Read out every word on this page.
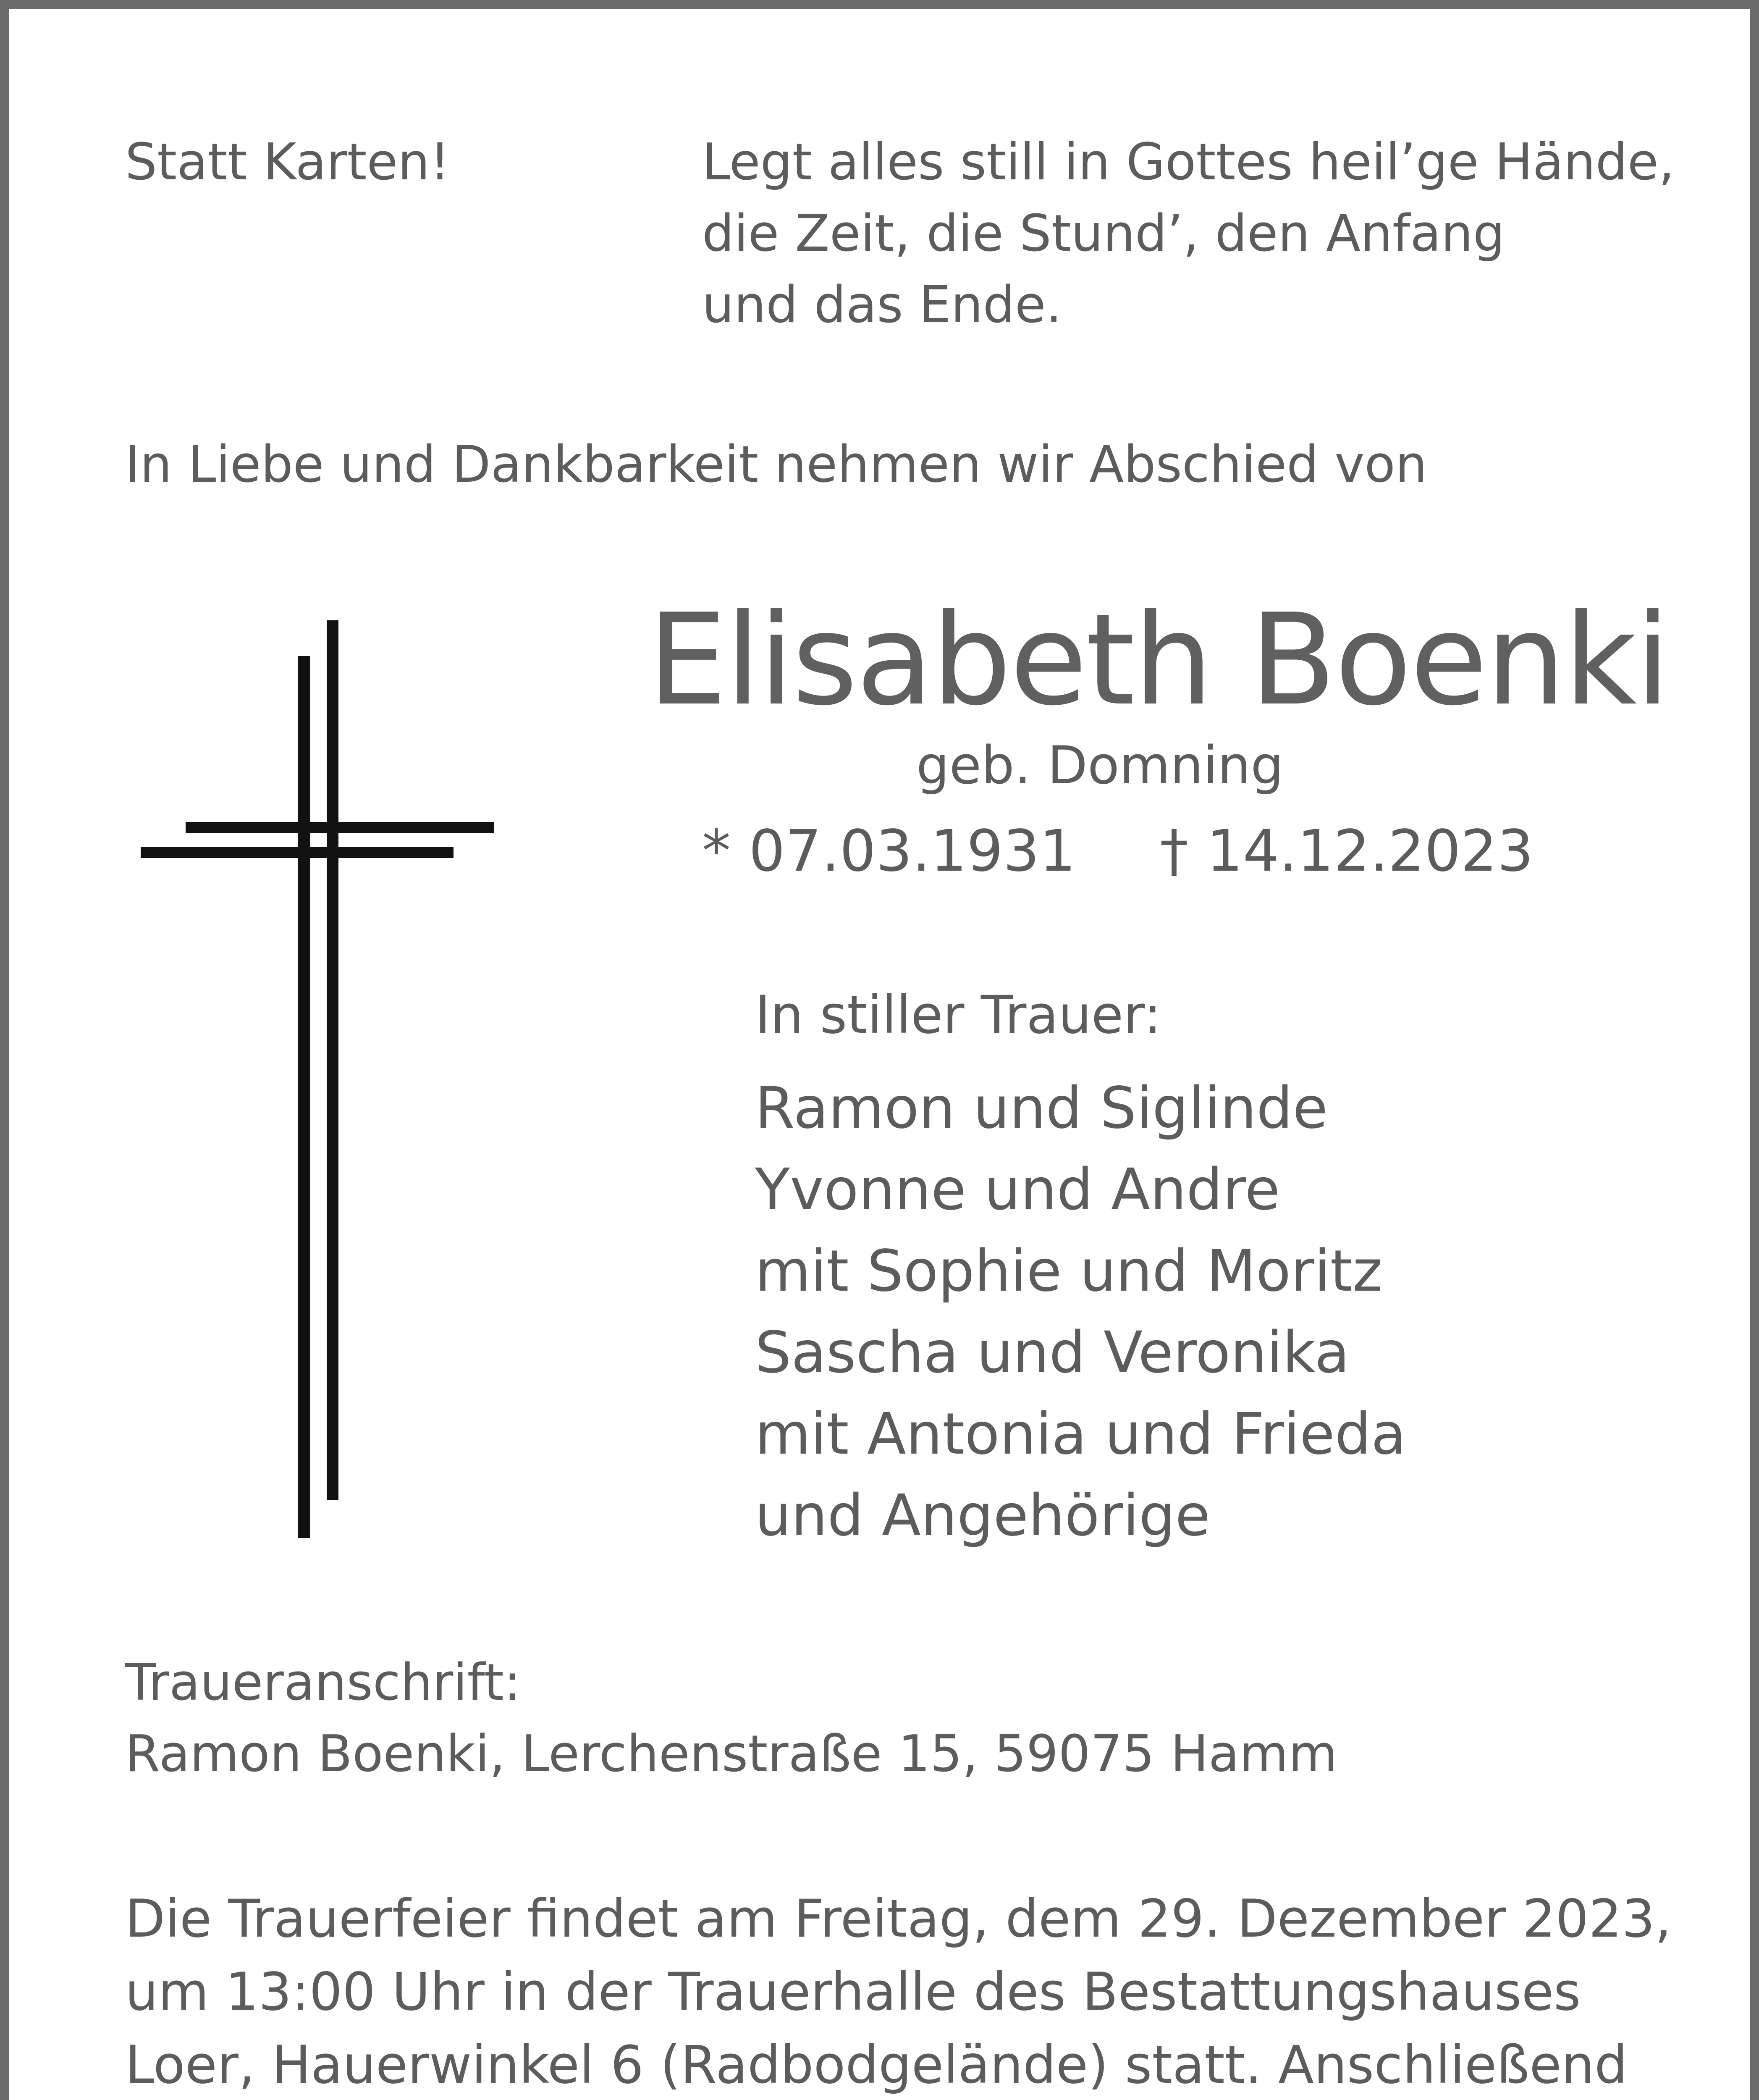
Statt Karten!	Legt alles still in Gottes heil’ge Hände,
die Zeit, die Stund’, den Anfang
und das Ende.

In Liebe und Dankbarkeit nehmen wir Abschied von

Elisabeth Boenki

geb. Domning

* 07.03.1931 † 14.12.2023

In stiller Trauer:

Ramon und Siglinde
Yvonne und Andre
mit Sophie und Moritz
Sascha und Veronika
mit Antonia und Frieda
und Angehörige

Traueranschrift:

Ramon Boenki, Lerchenstraße 15, 59075 Hamm

Die Trauerfeier findet am Freitag, dem 29. Dezember 2023,
um 13:00 Uhr in der Trauerhalle des Bestattungshauses
Loer, Hauerwinkel 6 (Radbodgelände) statt. Anschließend
